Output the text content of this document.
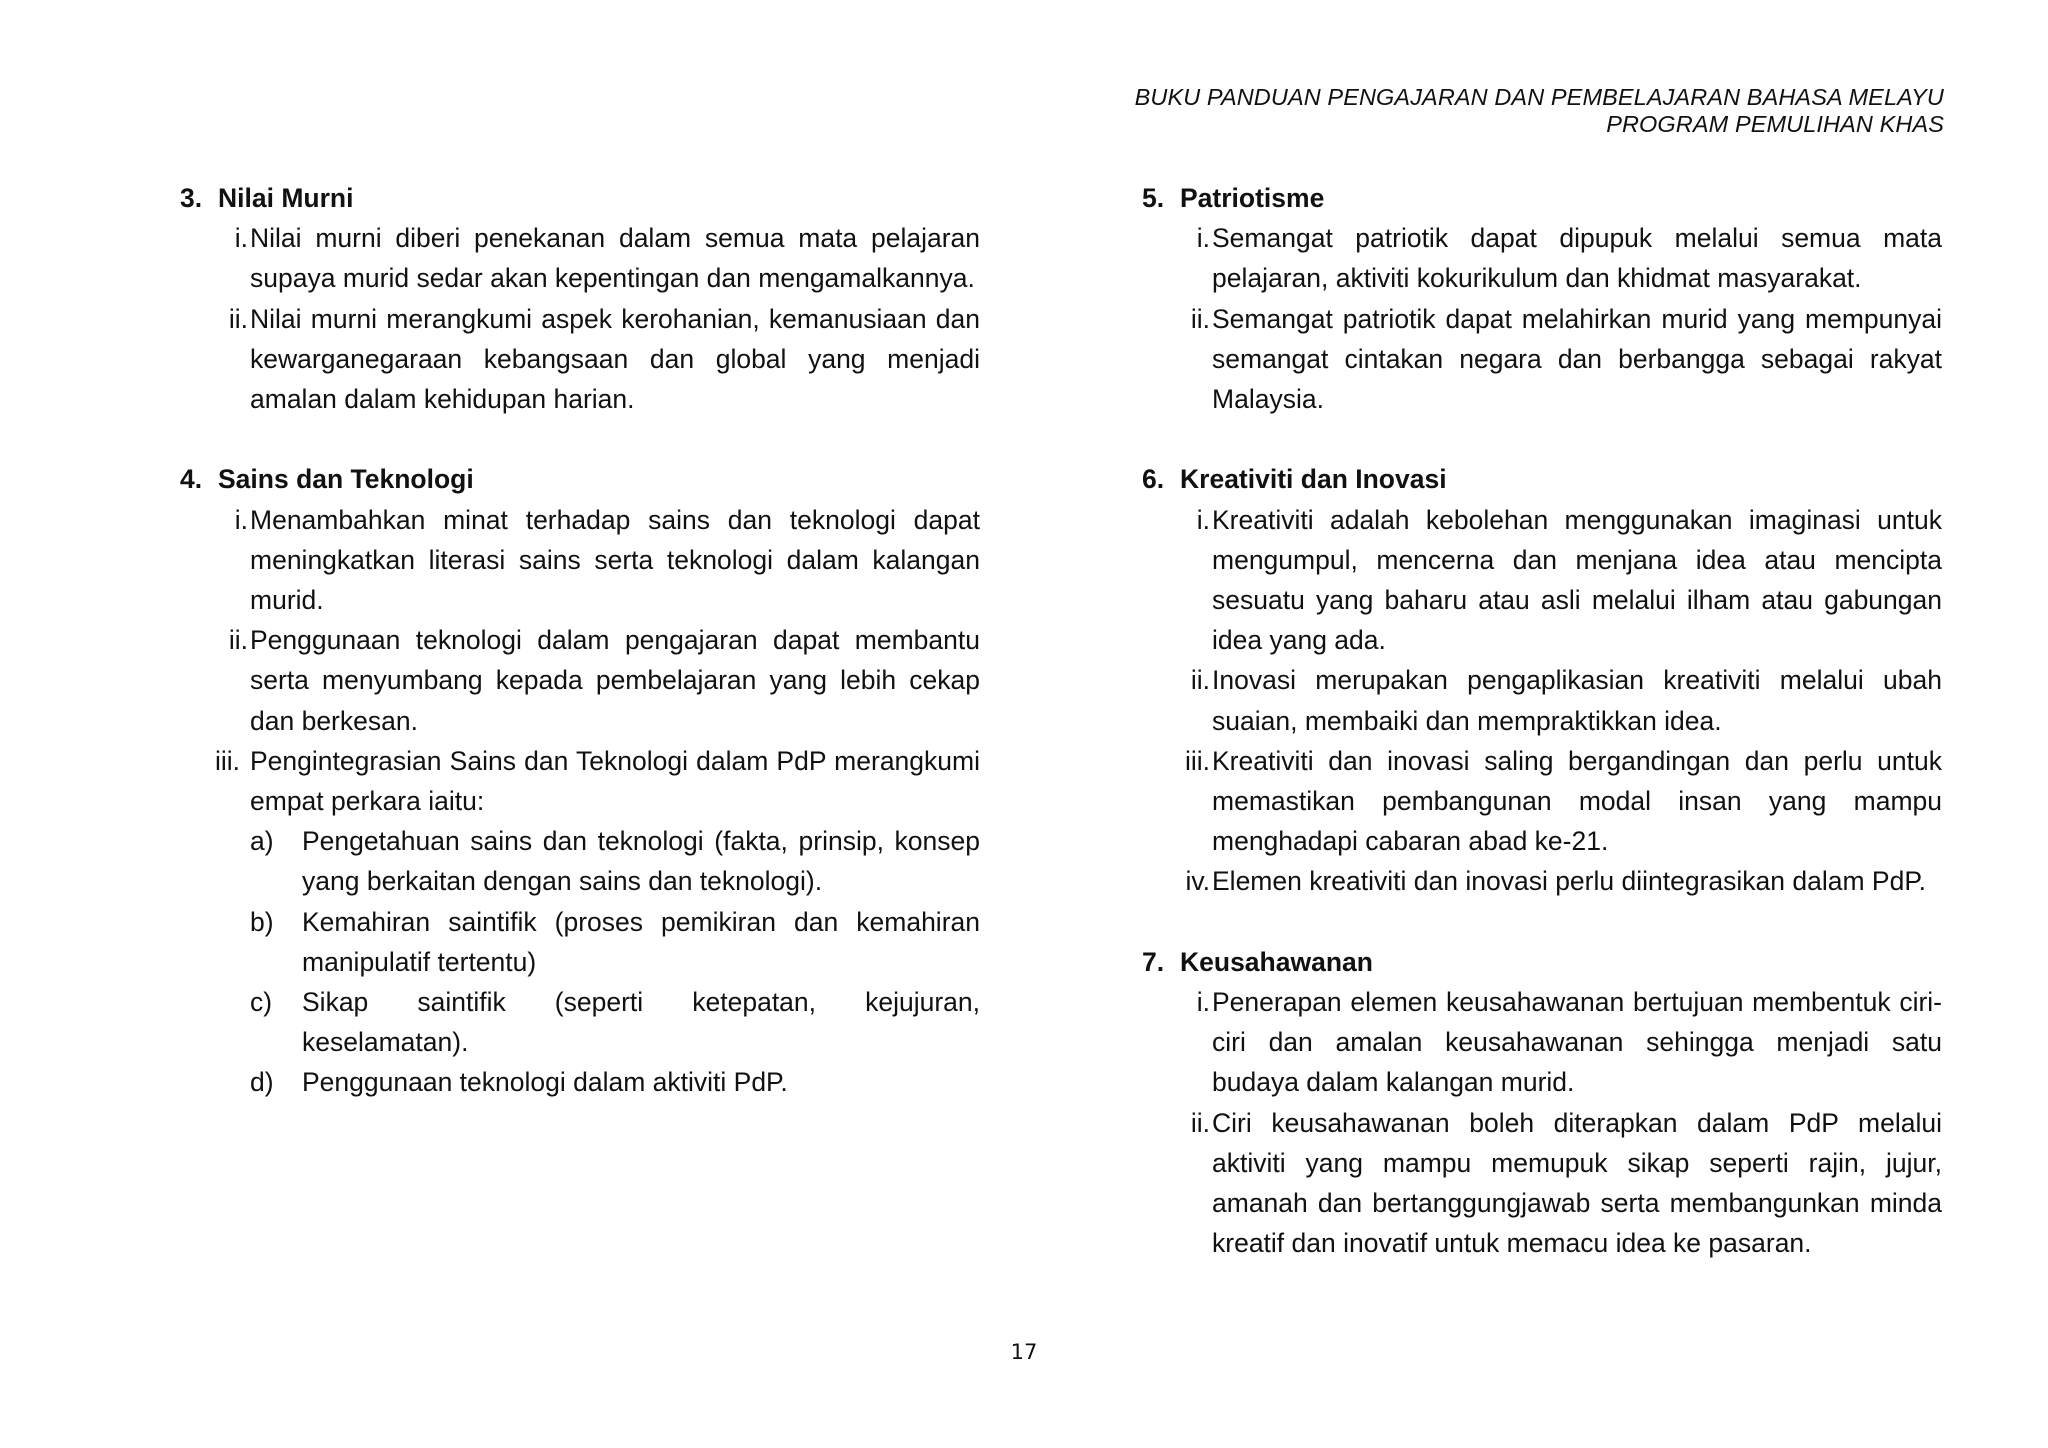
BUKU PANDUAN PENGAJARAN DAN PEMBELAJARAN BAHASA MELAYU
PROGRAM PEMULIHAN KHAS
3. Nilai Murni
i. Nilai murni diberi penekanan dalam semua mata pelajaran supaya murid sedar akan kepentingan dan mengamalkannya.
ii. Nilai murni merangkumi aspek kerohanian, kemanusiaan dan kewarganegaraan kebangsaan dan global yang menjadi amalan dalam kehidupan harian.
4. Sains dan Teknologi
i. Menambahkan minat terhadap sains dan teknologi dapat meningkatkan literasi sains serta teknologi dalam kalangan murid.
ii. Penggunaan teknologi dalam pengajaran dapat membantu serta menyumbang kepada pembelajaran yang lebih cekap dan berkesan.
iii. Pengintegrasian Sains dan Teknologi dalam PdP merangkumi empat perkara iaitu:
a) Pengetahuan sains dan teknologi (fakta, prinsip, konsep yang berkaitan dengan sains dan teknologi).
b) Kemahiran saintifik (proses pemikiran dan kemahiran manipulatif tertentu)
c) Sikap saintifik (seperti ketepatan, kejujuran, keselamatan).
d) Penggunaan teknologi dalam aktiviti PdP.
5. Patriotisme
i. Semangat patriotik dapat dipupuk melalui semua mata pelajaran, aktiviti kokurikulum dan khidmat masyarakat.
ii. Semangat patriotik dapat melahirkan murid yang mempunyai semangat cintakan negara dan berbangga sebagai rakyat Malaysia.
6. Kreativiti dan Inovasi
i. Kreativiti adalah kebolehan menggunakan imaginasi untuk mengumpul, mencerna dan menjana idea atau mencipta sesuatu yang baharu atau asli melalui ilham atau gabungan idea yang ada.
ii. Inovasi merupakan pengaplikasian kreativiti melalui ubah suaian, membaiki dan mempraktikkan idea.
iii. Kreativiti dan inovasi saling bergandingan dan perlu untuk memastikan pembangunan modal insan yang mampu menghadapi cabaran abad ke-21.
iv. Elemen kreativiti dan inovasi perlu diintegrasikan dalam PdP.
7. Keusahawanan
i. Penerapan elemen keusahawanan bertujuan membentuk ciri-ciri dan amalan keusahawanan sehingga menjadi satu budaya dalam kalangan murid.
ii. Ciri keusahawanan boleh diterapkan dalam PdP melalui aktiviti yang mampu memupuk sikap seperti rajin, jujur, amanah dan bertanggungjawab serta membangunkan minda kreatif dan inovatif untuk memacu idea ke pasaran.
17
